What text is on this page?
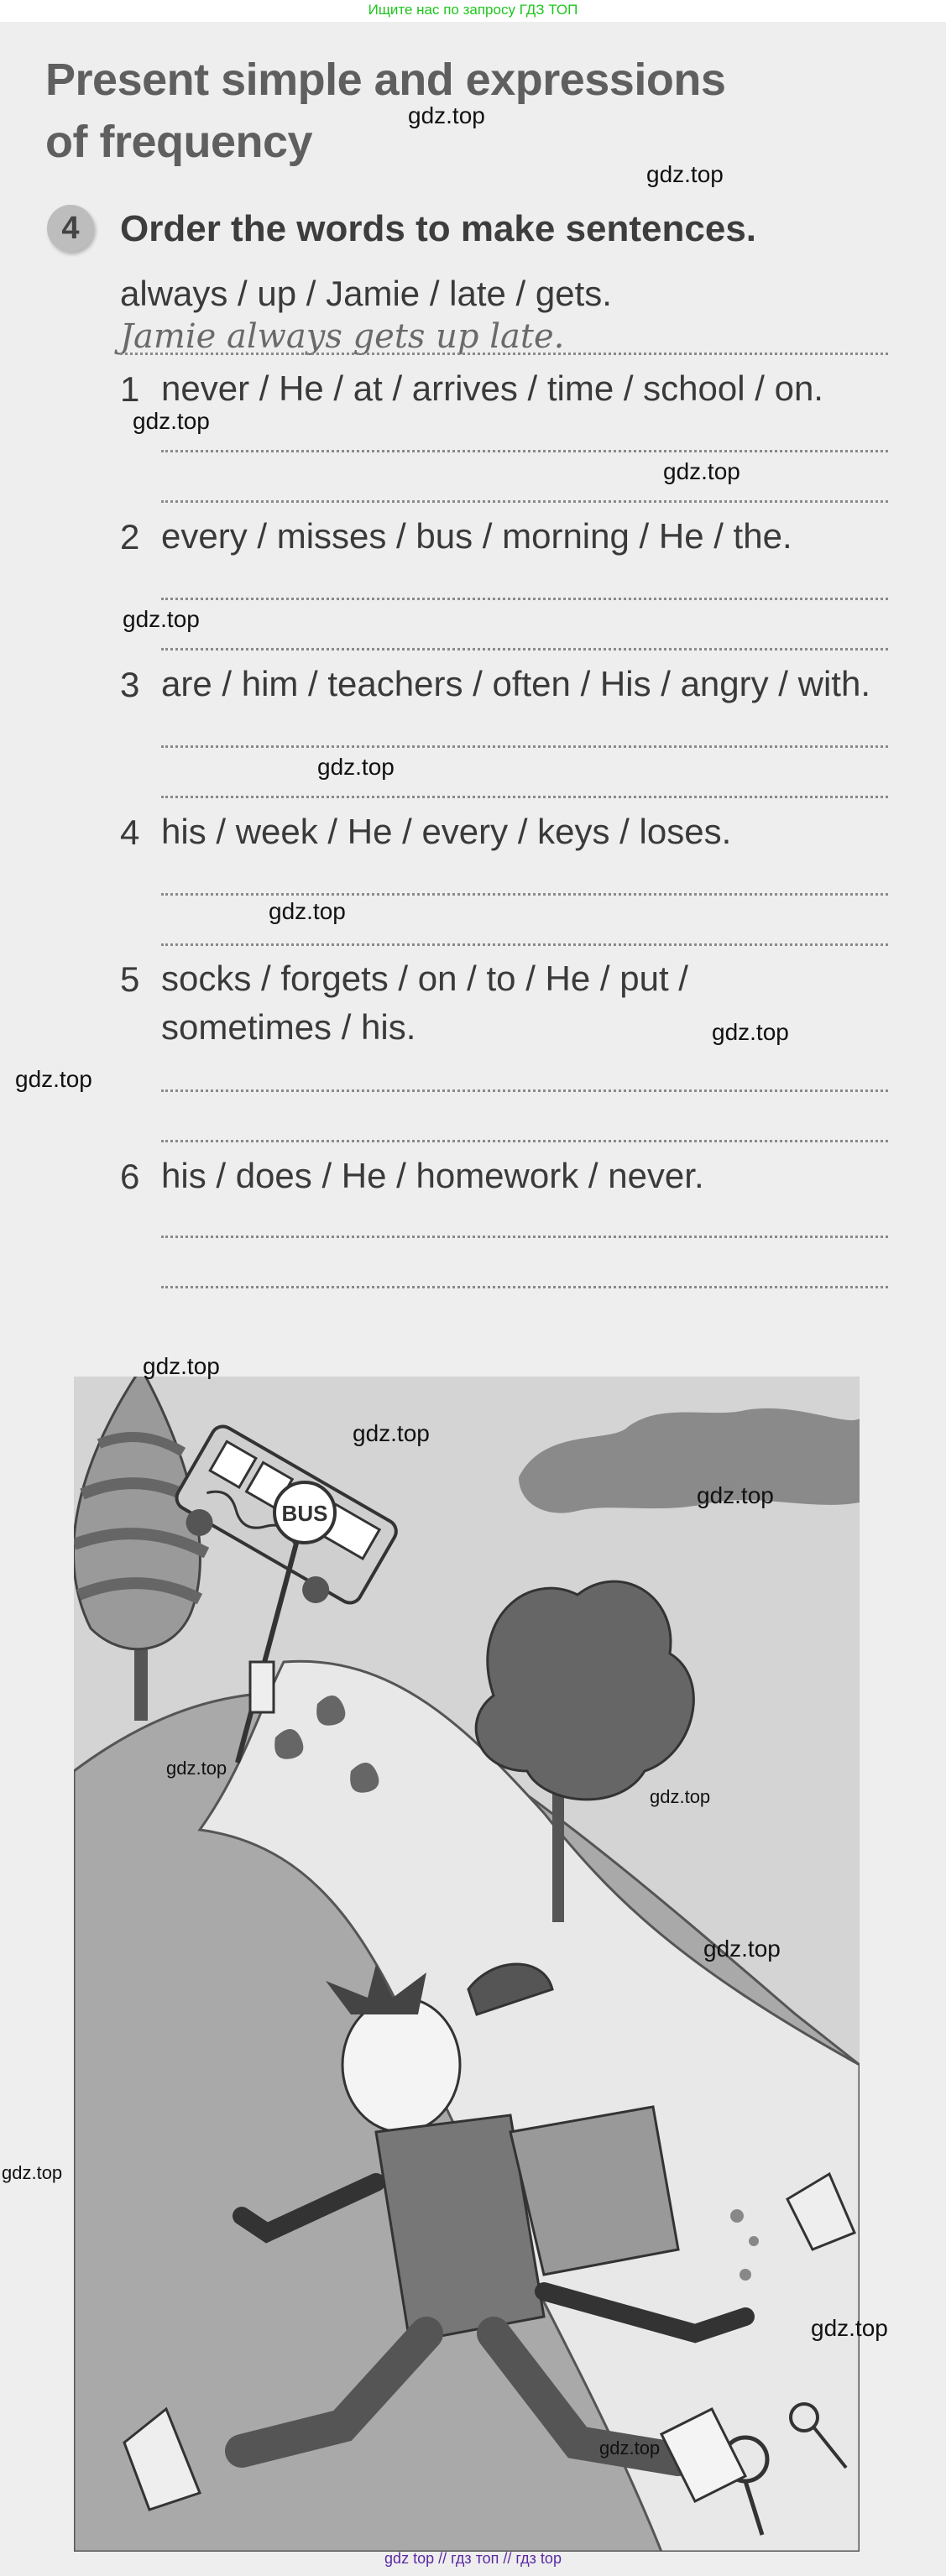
Ищите нас по запросу ГДЗ ТОП
Present simple and expressions
of frequency
4	Order the words to make sentences.
always / up / Jamie / late / gets.
Jamie always gets up late.
1 never / He / at / arrives / time / school / on.
2 every / misses / bus / morning / He / the.
3 are / him / teachers / often / His / angry / with.
4 his / week / He / every / keys / loses.
5 socks / forgets / on / to / He / put / sometimes / his.
6 his / does / He / homework / never.
BUS
gdz.top
gdz.top
gdz.top
gdz.top
gdz.top
gdz.top
gdz.top
gdz.top
gdz.top
gdz.top
gdz.top
gdz.top
gdz.top
gdz.top
gdz.top
gdz.top
gdz.top
gdz.top
gdz top // гдз топ // гдз top
